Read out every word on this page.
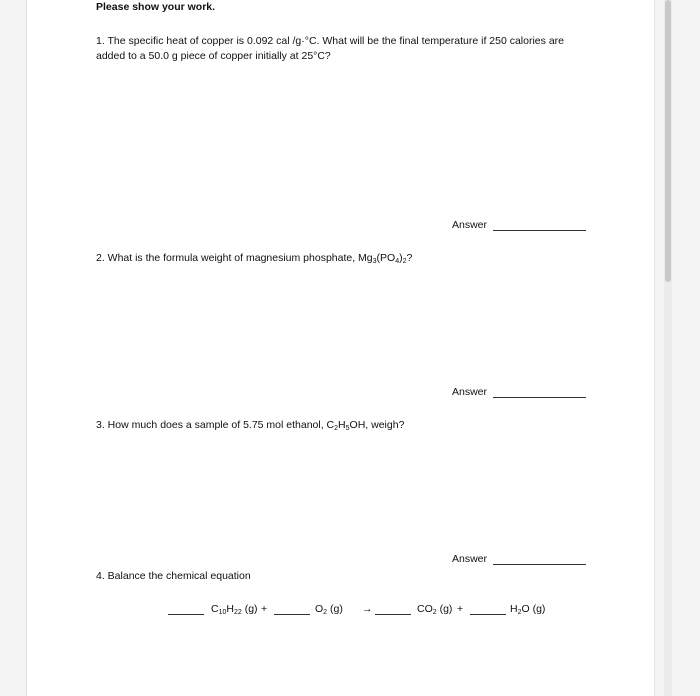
Please show your work.
1. The specific heat of copper is 0.092 cal /g·°C. What will be the final temperature if 250 calories are
added to a 50.0 g piece of copper initially at 25°C?
Answer
2. What is the formula weight of magnesium phosphate, $Mg_3(PO_4)_2$?
Answer
3. How much does a sample of 5.75 mol ethanol, $C_2H_5OH$, weigh?
Answer
4. Balance the chemical equation
$C_{10}H_{22}$ (g) +	$O_2$ (g) →	$CO_2$ (g) +	$H_2O$ (g)
